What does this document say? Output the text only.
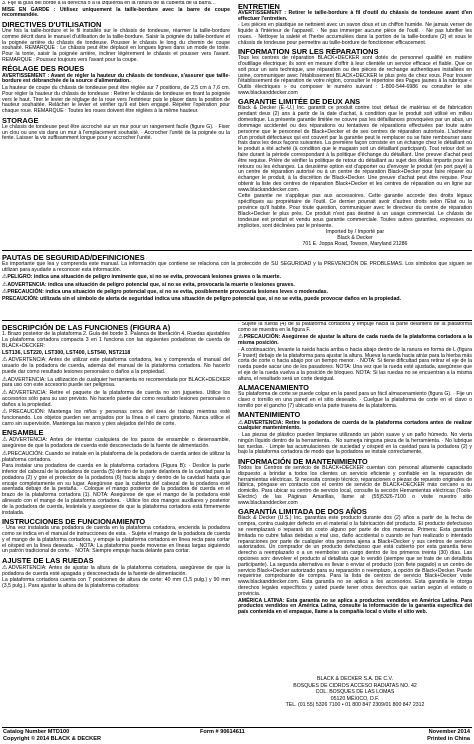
3. Fije la guía del borde a la derecha o a la izquierda en la ranura de la cubierta de la barra…

MISE EN GARDE : Utilisez uniquement la taille-bordure avec la barre de coupe recommandée.

DIRECTIVES D'UTILISATION

Une fois la taille-bordure et le fil installés sur le châssis de tondeuse, réarmer la taille-bordure comme décrit dans le manuel d'utilisation de la taille-bordure. Saisir la poignée du taille-bordure et la poignée arrière du châssis de tondeuse. Pousser le châssis le long du chemin de coupe souhaité. REMARQUE : Le châssis peut être déplacé en longues lignes dans un mode de tonte. Pour la tonte, saisir la poignée arrière, incliner légèrement le châssis et pousser vers l'avant. REMARQUE : Poussez toujours vers l'avant pour la coupe.

RÉGLAGE DES ROUES

AVERTISSEMENT : Avant de régler la hauteur du châssis de tondeuse, s'assurer que taille-bordure est débranchée de la source d'alimentation.

La hauteur de coupe du châssis de tondeuse peut être réglée sur 7 positions, de 2,5 cm à 7,6 cm. Pour régler la hauteur du châssis de tondeuse : Retirer le châssis de tondeuse en tirant la poignée vers le haut. Tirer le levier de réglage de la roue vers l'extérieur puis le placer dans la position de hauteur souhaitée. Relâcher le levier et vérifier qu'il est bien engagé. Répéter l'opération pour chaque roue. REMARQUE : Toutes les roues doivent être réglées à la même hauteur.

STORAGE

Le châssis de tondeuse peut être accroché sur un mur pour un rangement facile (figure G). · Fixer un clou ou une vis dans un mur à l'emplacement souhaité. · Accrocher l'unité de la poignée ou la fente. Laisser la vis suffisamment longue pour y accrocher l'unité.

ENTRETIEN

AVERTISSEMENT : Retirer le taille-bordure à fil d'outil du châssis de tondeuse avant d'en effectuer l'entretien.

· Les pièces en plastique se nettoient avec un savon doux et un chiffon humide. Ne jamais verser de liquide à l'intérieur de l'appareil. · Ne pas immerger aucune pièce de l'outil. · Ne pas lubrifier les roues. · Nettoyer la saleté et l'herbe accumulées dans la portion de la taille-bordure (2) et sous le châssis de tondeuse pour permettre au taille-bordure de fonctionner efficacement.

INFORMATION SUR LES RÉPARATIONS

Tous les centres de réparation BLACK+DECKER sont dotés de personnel qualifié en matière d'outillage électrique; ils sont en mesure d'offrir à leur clientèle un service efficace et fiable. Que ce soit pour un avis technique, une réparation ou des pièces de rechange authentiques installées en usine, communiquer avec l'établissement BLACK+DECKER le plus près de chez vous. Pour trouver l'établissement de réparation de votre région, consulter le répertoire des Pages jaunes à la rubrique « Outils électriques » ou composer le numéro suivant : 1-800-544-6986 ou consulter le site www.blackanddecker.com

GARANTIE LIMITÉE DE DEUX ANS

Black & Decker (É.-U.) Inc. garantit ce produit contre tout défaut de matériau et de fabrication pendant deux (2) ans à partir de la date d'achat, à condition que le produit soit utilisé en milieu domestique. La présente garantie limitée ne couvre pas les défaillances provoquées par un abus, un dommage accidentel ou des réparations ou tentatives de réparations effectuées par toute autre personne que le personnel de Black+Decker et de ses centres de réparation autorisés. L'acheteur d'un produit défectueux qui est couvert par la garantie peut le remplacer ou se faire rembourser sans frais dans les deux façons suivantes. La première façon consiste en un échange chez le détaillant où le produit a été acheté (à condition que le magasin soit un détaillant participant). Tout retour doit se faire durant la période correspondant à la politique d'échange du détaillant. Une preuve d'achat peut être requise. Prière de vérifier la politique de retour du détaillant au sujet des délais impartis pour les retours ou les échanges. La deuxième option est d'apporter ou d'envoyer le produit (en port payé) à un centre de réparation autorisé ou à un centre de réparation Black+Decker pour faire réparer ou échanger le produit, à la discrétion de Black+Decker. Une preuve d'achat peut être requise. Pour obtenir la liste des centres de réparation Black+Decker et les centres de réparation ou en ligne sur www.blackanddecker.com.

Cette garantie ne s'applique pas aux accessoires. Cette garantie accorde des droits légaux spécifiques au propriétaire de l'outil. Ce dernier pourrait avoir d'autres droits selon l'État ou la province qu'il habite. Pour toute question, communiquer avec le directeur du centre de réparation Black+Decker le plus près. Ce produit n'est pas destiné à un usage commercial. Le châssis de tondeuse est produit et vendu sous garantie commerciale. Toutes autres garanties, expresses ou implicites, sont déclinées par le présente.

Imported by / Importé par
Black & Decker
701 E. Joppa Road, Towson, Maryland 21286
PAUTAS DE SEGURIDAD/DEFINICIONES

Es importante que lea y comprenda este manual. La información que contiene se relaciona con la protección de SU SEGURIDAD y la PREVENCIÓN DE PROBLEMAS. Los símbolos que siguen se utilizan para ayudarle a reconocer esta información.

⚠PELIGRO: indica una situación de peligro inminente que, si no se evita, provocará lesiones graves o la muerte.

⚠ADVERTENCIA: indica una situación de peligro potencial que, si no se evita, provocaría la muerte o lesiones graves.

⚠PRECAUCIÓN: indica una situación de peligro potencial que, si no se evita, posiblemente provocaría lesiones leves o moderadas.

PRECAUCIÓN: utilizada sin el símbolo de alerta de seguridad indica una situación de peligro potencial que, si no se evita, puede provocar daños en la propiedad.

DESCRIPCIÓN DE LAS FUNCIONES (FIGURA A)

1. Brazo posterior de la plataforma 2. Guía del borde 3. Palanca de liberación 4. Ruedas ajustables

La plataforma cortadora compacta 3 en 1 funciona con las siguientes podadoras de cuerda de BLACK+DECKER:

LST136, LST220, LST300, LST400, LST540, NST2118

⚠ADVERTENCIA: Antes de utilizar este plataforma cortadora, lea y comprenda el manual del usuario de la podadora de cuerda, además del manual de la plataforma cortadora. No hacerlo puede dar como resultado lesiones personales o daños a la propiedad.

⚠ADVERTENCIA: La utilización de cualquier herramienta no recomendada por BLACK+DECKER para uso con este accesorio puede ser peligrosa.

⚠ADVERTENCIA: Retire el paquete de la plataforma de cuerda no son juguetes. Utilice los accesorios sólo para su uso previsto. No hacerlo puede dar como resultado lesiones personales o daños a la propiedad.

⚠PRECAUCIÓN: Mantenga los niños y personas cerca del área de trabajo mientras esté funcionando. Los objetos pueden ser arrojados por la línea o el carro giratorio. Nunca utilice el carro sin supervisión. Mantenga las manos y pies alejados del hilo de corte.

ENSAMBLE

⚠ADVERTENCIA: Antes de intentar cualquiera de los pasos de ensamble o desensamble, asegúrese de que la podadora de cuerda esté desconectada de la fuente de alimentación.

⚠PRECAUCIÓN: Cuando se instale en la plataforma de la podadora de cuerda antes de utilizar la plataforma cortadora.

Para instalar una podadora de cuerda en la plataforma cortadora (Figura B): · Deslice la parte inferior del cabezal de la podadora de cuerda (5) dentro de la parte delantera de la cavidad para la podadora (2) y gire el protector de la podadora (6) hacia abajo y dentro de la cavidad hasta que encaje completamente en su lugar. Asegúrese que la cubierta del cabezal de la podadora esté asentada debajo de la pestaña. · Coloque el mango posterior de la podadora de cuerda en el brazo de la plataforma cortadora (1). NOTA: Asegúrese de que el mango de la podadora esté alineado con el mango de la plataforma cortadora. · Utilice los dos mangos auxiliares y posterior de la podadora de cuerda, levántela y asegúrese de que la plataforma cortadora está firmemente instalada.

INSTRUCCIONES DE FUNCIONAMIENTO

· Una vez instalada una podadora de cuerda en la plataforma cortadora, encienda la podadora como se indica en el manual de instrucciones de esta. · Sujete el mango de la podadora de cuerda y el mango de la plataforma cortadora, y empuje la plataforma cortadora en línea recta para cortar el césped en la línea deseada. · NOTA: La plataforma puede moverse en líneas largas siguiendo un patrón tradicional de corte. · NOTA: Siempre empuje hacia delante para cortar.

AJUSTE DE LAS RUEDAS

⚠ADVERTENCIA: Antes de ajustar la altura de la plataforma cortadora, asegúrese de que la podadora de cuerda esté apagada y desconectada de la fuente de alimentación.

La plataforma cortadora cuenta con 7 posiciones de altura de corte: 40 mm (1,5 pulg.) y 90 mm (3,5 pulg.). Para ajustar la altura de la plataforma cortadora:

· Sujete la rueda (4) de la plataforma cortadora y empuje hacia la parte delantera de la plataforma como se muestra en la figura F.

⚠PRECAUCIÓN: Asegúrese de ajustar la altura de cada rueda de la plataforma cortadora a la misma posición.

· A continuación, levante la rueda hacia arriba o hacia abajo dentro de la ranura en forma de L (figura F Insert) debajo de la plataforma para ajustar la altura. Mueva la rueda hacia atrás para la hierba más corta de corte o hacia abajo por un tiempo menor. · NOTA: Si tiene dificultad para retirar el eje de la rueda puede sacar uno de los pasadores. NOTA: Una vez que la rueda esté ajustada, asegúrese que el eje de la rueda vuelva a la posición de bloqueo. NOTA: Si las ruedas no se encuentran a la misma altura, el resultado será un corte desigual.

ALMACENAMIENTO

Su plataforma de corte se puede colgar en la pared para un fácil almacenamiento (figura G). · Fije un clavo o tornillo en una pared en el sitio deseado. · Cuelgue la plataforma de corte en el clavo o tornillo por el gancho (7) ubicado en la parte trasera de la plataforma.

MANTENIMIENTO

⚠ADVERTENCIA: Retire la podadora de cuerda de la plataforma cortadora antes de realizar cualquier mantenimiento.

· Las piezas de plástico pueden limpiarse utilizando un jabón suave y un paño húmedo. No vierta ningún líquido dentro de la herramienta. · No sumerja ninguna pieza de la herramienta. · No lubrique las ruedas. · Limpie las acumulaciones de suciedad y césped en la cavidad para la podadora (2) y bajo la plataforma cortadora de modo que la podadora se instale correctamente.

INFORMACIÓN DE MANTENIMIENTO

Todos los Centros de servicio de BLACK+DECKER cuentan con personal altamente capacitado dispuesto a brindar a todos los clientes un servicio eficiente y confiable en la reparación de herramientas eléctricas. Si necesita consejo técnico, reparaciones o piezas de repuesto originales de fábrica, póngase en contacto con el centro de servicio de BLACK+DECKER más cercano a su domicilio. Para ubicar su centro de servicio local, consulte la sección Herramientas eléctricas (Tools-Electric) de las Páginas Amarillas, llame al: (55)5326-7100 o visite nuestro sitio www.blackanddecker.com

GARANTÍA LIMITADA DE DOS AÑOS

Black & Decker (U.S.) Inc. garantiza este producto durante dos (2) años a partir de la fecha de compra, contra cualquier defecto en el material o la fabricación del producto. El producto defectuoso se reemplazará o reparará sin costo alguno por parte de dos maneras. Primera: Esta garantía limitada no cubre fallas debidas a mal uso, daño accidental o cuando se han realizado o intentado reparaciones por parte de cualquier otra persona ajena a Black+Decker y sus centros de servicio autorizados. Un comprador de un producto defectuoso que está cubierto por esta garantía tiene derecho a reemplazarlo o a un reembolso sin cargo dentro de los primeros treinta (30) días. Las opciones son: devolver el producto al detallista que lo vendió (siempre que se trate de un detallista participante). La segunda alternativa es llevar o enviar el producto (con flete pagado) a un centro de servicio Black+Decker autorizado para su reparación o reemplazo, a opción de Black+Decker. Puede requerirse comprobante de compra. Para la lista de centros de servicio Black+Decker visite www.blackanddecker.com. Esta garantía no se aplica a los accesorios. Esta garantía le otorga derechos legales específicos y usted puede tener otros derechos que varían según el estado o provincia.

AMÉRICA LATINA: Esta garantía no se aplica a productos vendidos en América Latina. Para productos vendidos en América Latina, consulte la información de la garantía específica del país contenida en el empaque, llame a la compañía local o visite el sitio web.

BLACK & DECKER S.A. DE C.V.
BOSQUES DE CIDROS ACCESO RADIATAS NO. 42
COL. BOSQUES DE LAS LOMAS
05120 MÉXICO, D.F.
TEL. (01 55) 5326 7100 • 01 800 847 2309/01 800 847 2312
Catalog Number MTD100
Copyright © 2014 BLACK & DECKER
Form # 90614611	November 2014
Printed in China
